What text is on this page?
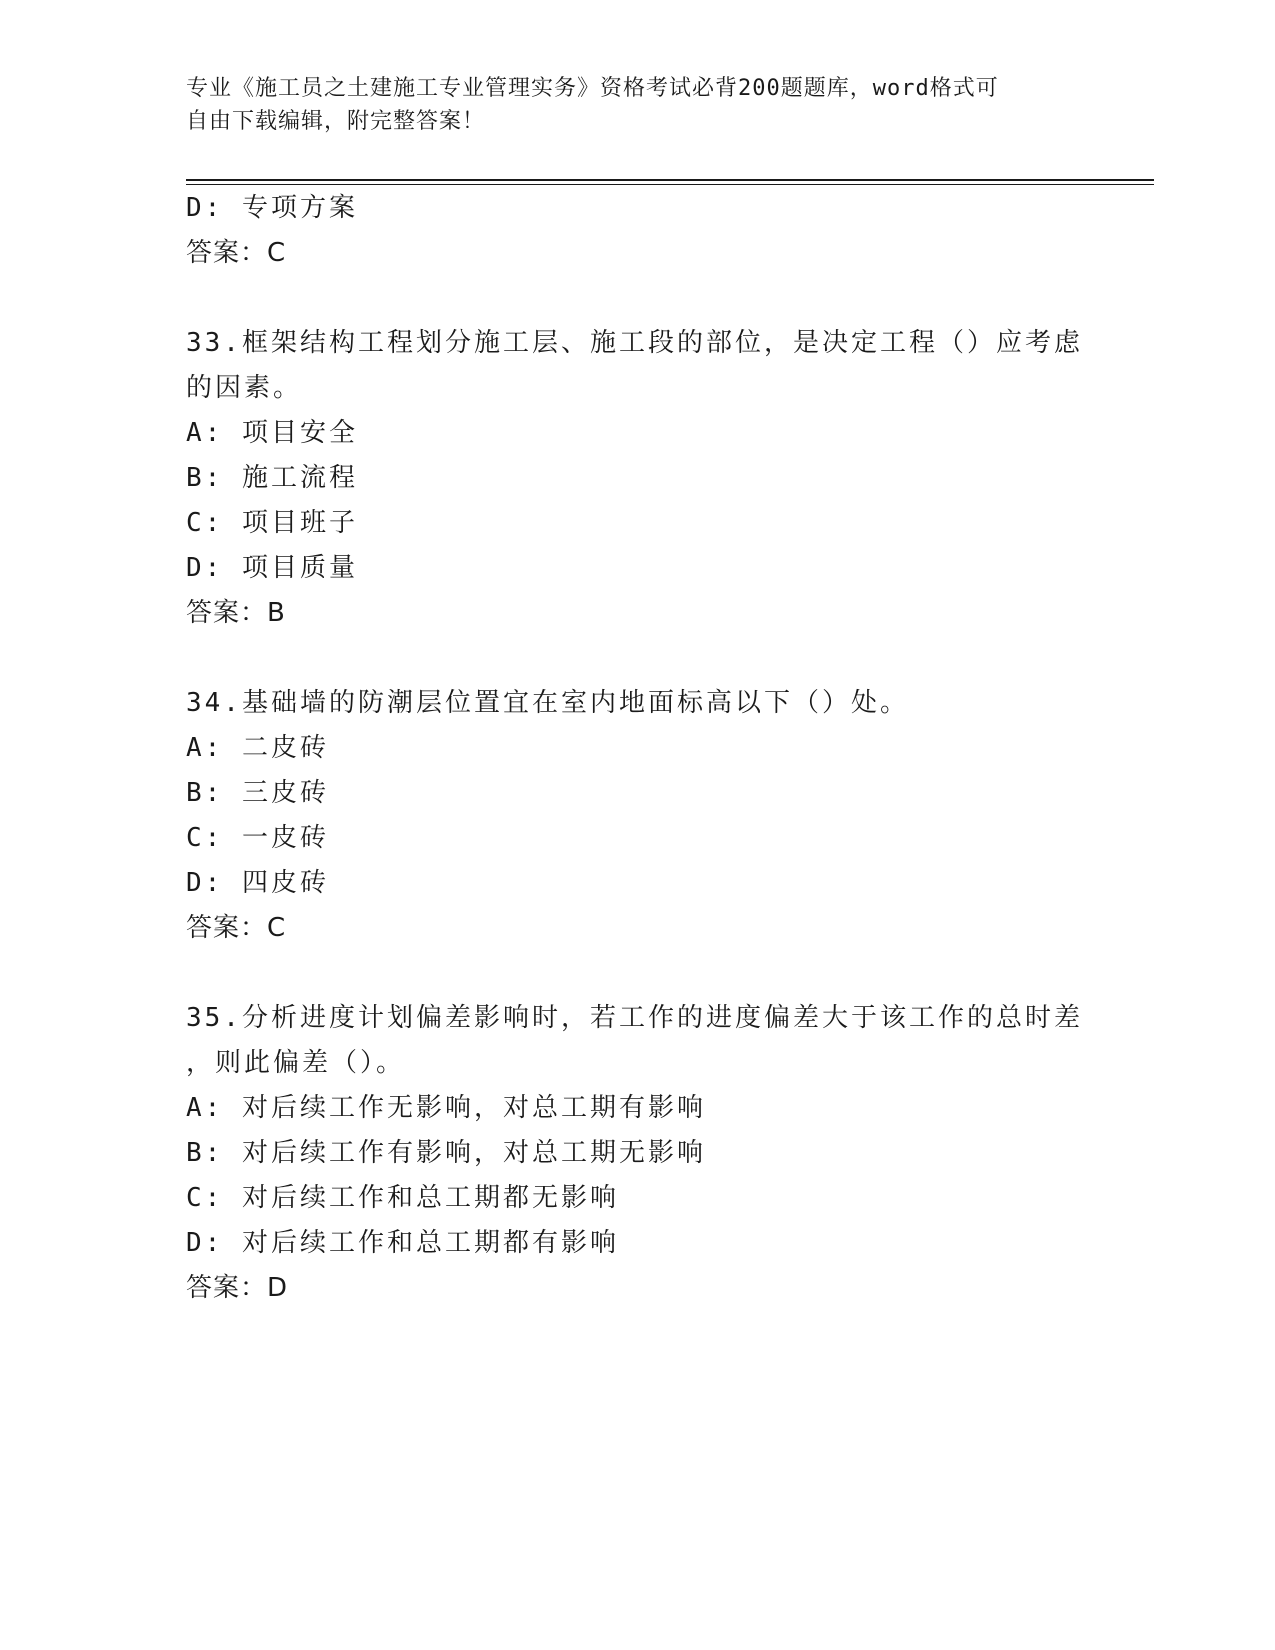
专业《施工员之土建施工专业管理实务》资格考试必背200题题库，word格式可
自由下载编辑，附完整答案！
D: 专项方案
答案：C
33.框架结构工程划分施工层、施工段的部位，是决定工程（）应考虑
的因素。
A: 项目安全
B: 施工流程
C: 项目班子
D: 项目质量
答案：B
34.基础墙的防潮层位置宜在室内地面标高以下（）处。
A: 二皮砖
B: 三皮砖
C: 一皮砖
D: 四皮砖
答案：C
35.分析进度计划偏差影响时，若工作的进度偏差大于该工作的总时差
，则此偏差（）。
A: 对后续工作无影响，对总工期有影响
B: 对后续工作有影响，对总工期无影响
C: 对后续工作和总工期都无影响
D: 对后续工作和总工期都有影响
答案：D
